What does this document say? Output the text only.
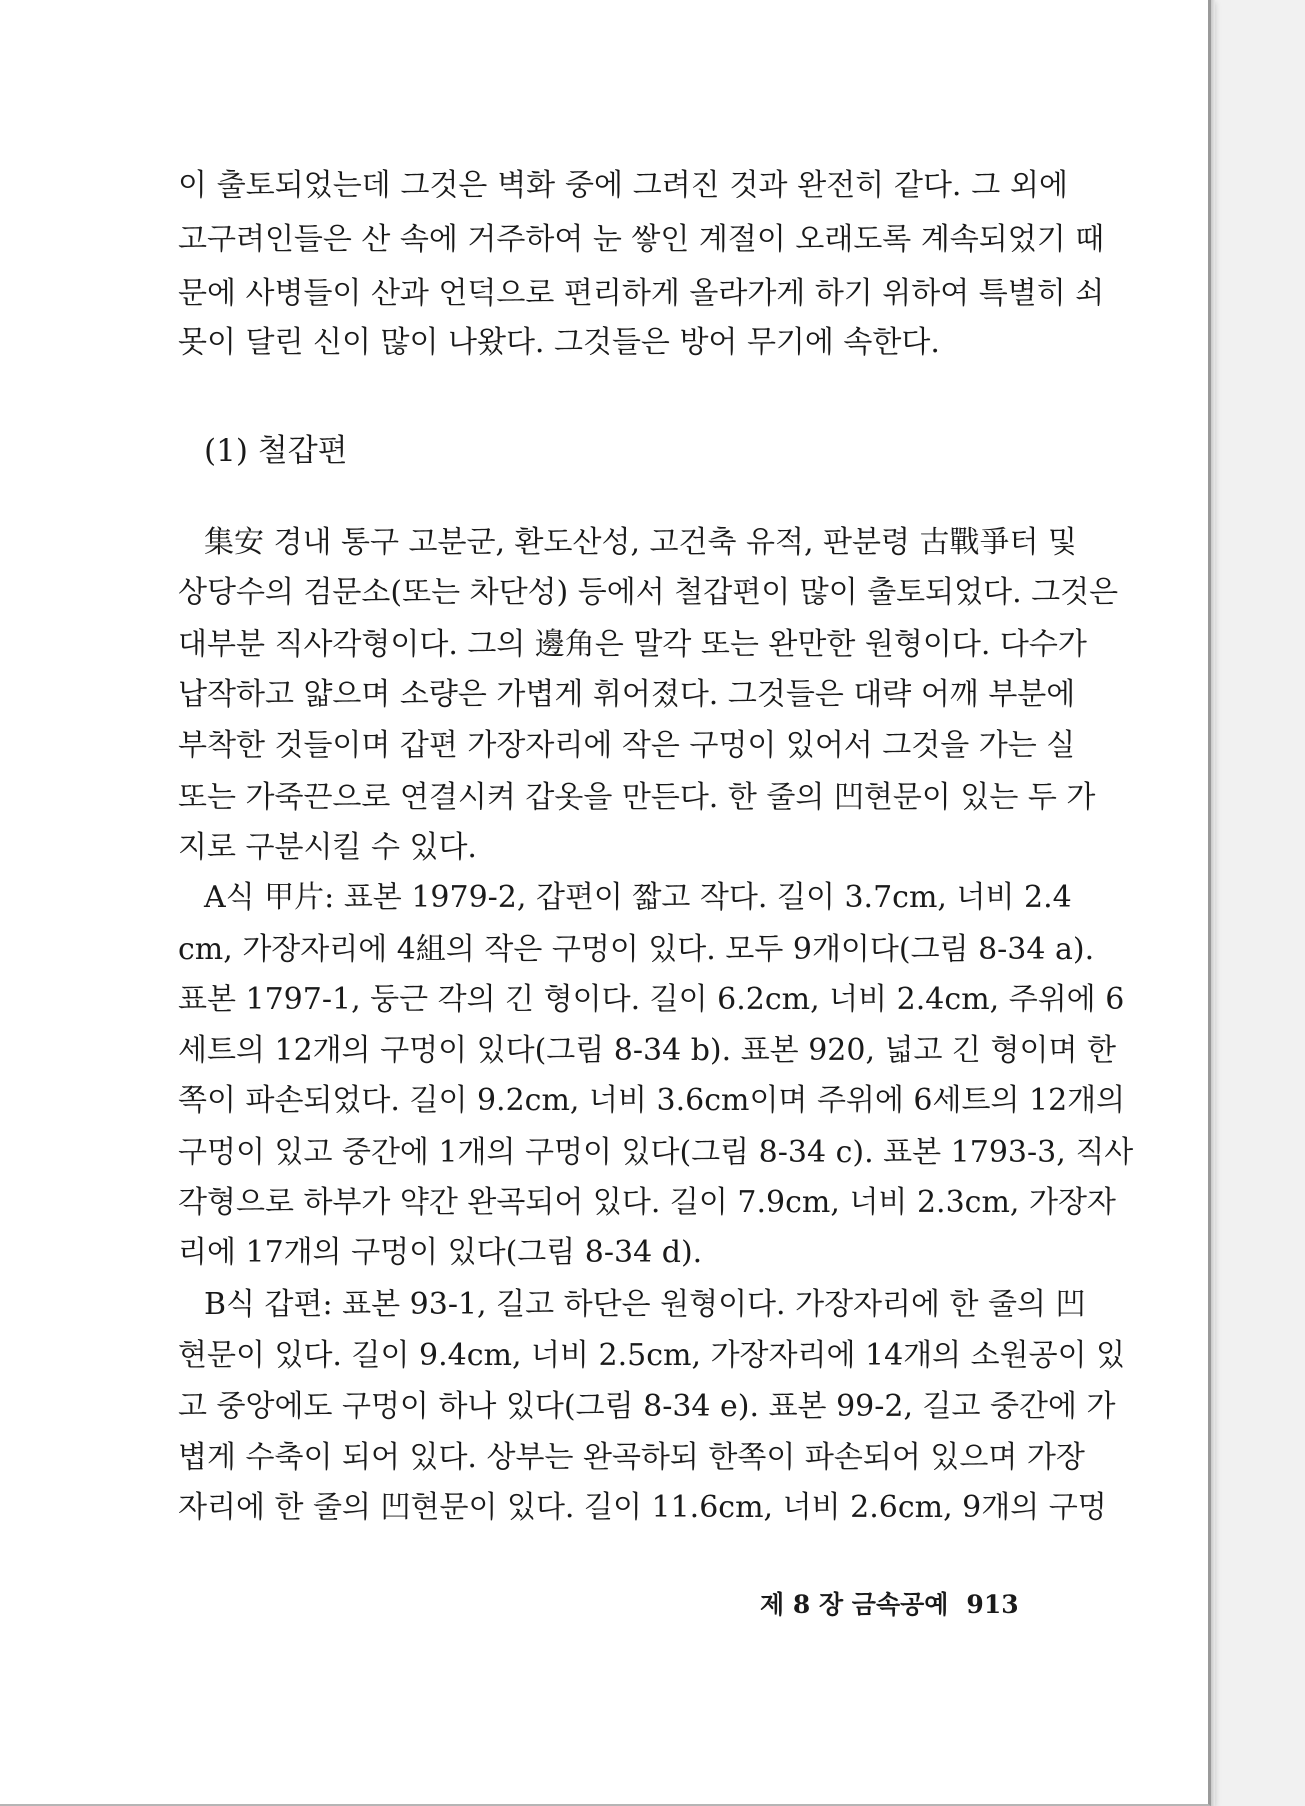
이 출토되었는데 그것은 벽화 중에 그려진 것과 완전히 같다. 그 외에
고구려인들은 산 속에 거주하여 눈 쌓인 계절이 오래도록 계속되었기 때
문에 사병들이 산과 언덕으로 편리하게 올라가게 하기 위하여 특별히 쇠
못이 달린 신이 많이 나왔다. 그것들은 방어 무기에 속한다.
(1) 철갑편
集安 경내 통구 고분군, 환도산성, 고건축 유적, 판분령 古戰爭터 및
상당수의 검문소(또는 차단성) 등에서 철갑편이 많이 출토되었다. 그것은
대부분 직사각형이다. 그의 邊角은 말각 또는 완만한 원형이다. 다수가
납작하고 얇으며 소량은 가볍게 휘어졌다. 그것들은 대략 어깨 부분에
부착한 것들이며 갑편 가장자리에 작은 구멍이 있어서 그것을 가는 실
또는 가죽끈으로 연결시켜 갑옷을 만든다. 한 줄의 凹현문이 있는 두 가
지로 구분시킬 수 있다.
A식 甲片: 표본 1979-2, 갑편이 짧고 작다. 길이 3.7cm, 너비 2.4
cm, 가장자리에 4組의 작은 구멍이 있다. 모두 9개이다(그림 8-34 a).
표본 1797-1, 둥근 각의 긴 형이다. 길이 6.2cm, 너비 2.4cm, 주위에 6
세트의 12개의 구멍이 있다(그림 8-34 b). 표본 920, 넓고 긴 형이며 한
쪽이 파손되었다. 길이 9.2cm, 너비 3.6cm이며 주위에 6세트의 12개의
구멍이 있고 중간에 1개의 구멍이 있다(그림 8-34 c). 표본 1793-3, 직사
각형으로 하부가 약간 완곡되어 있다. 길이 7.9cm, 너비 2.3cm, 가장자
리에 17개의 구멍이 있다(그림 8-34 d).
B식 갑편: 표본 93-1, 길고 하단은 원형이다. 가장자리에 한 줄의 凹
현문이 있다. 길이 9.4cm, 너비 2.5cm, 가장자리에 14개의 소원공이 있
고 중앙에도 구멍이 하나 있다(그림 8-34 e). 표본 99-2, 길고 중간에 가
볍게 수축이 되어 있다. 상부는 완곡하되 한쪽이 파손되어 있으며 가장
자리에 한 줄의 凹현문이 있다. 길이 11.6cm, 너비 2.6cm, 9개의 구멍
제 8 장 금속공예 913
